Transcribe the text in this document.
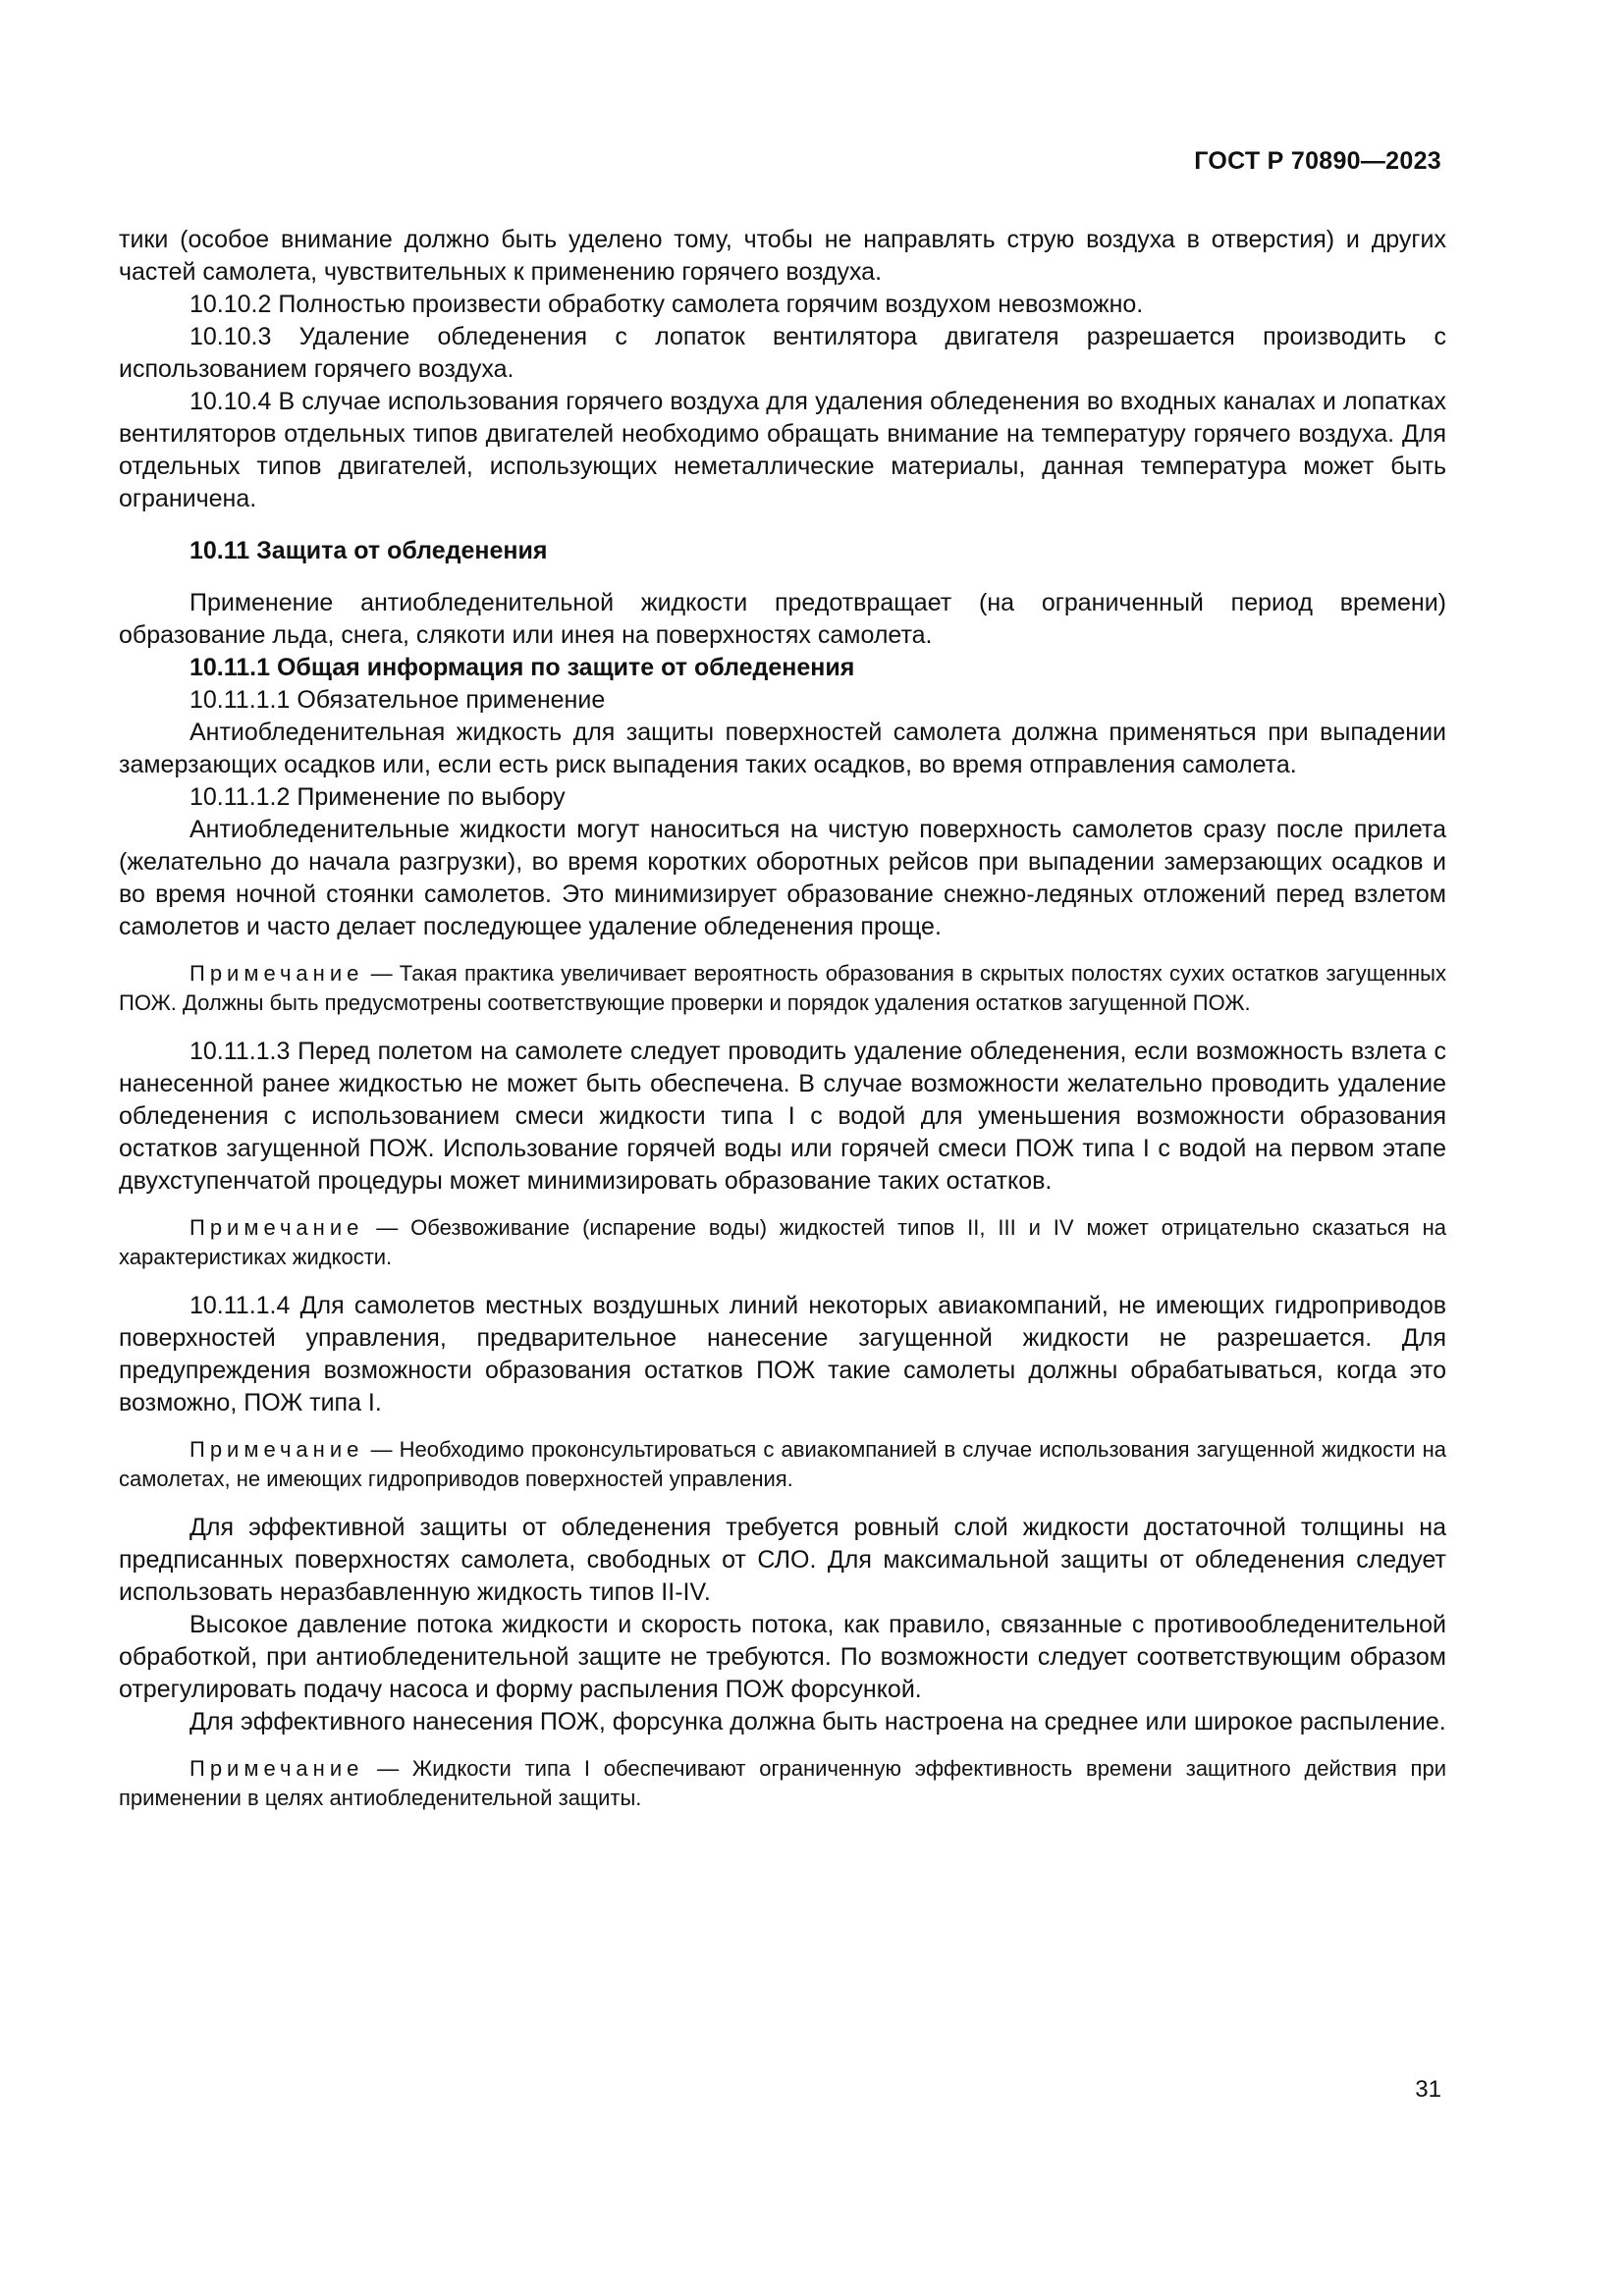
ГОСТ Р 70890—2023

тики (особое внимание должно быть уделено тому, чтобы не направлять струю воздуха в отверстия) и других частей самолета, чувствительных к применению горячего воздуха.

10.10.2 Полностью произвести обработку самолета горячим воздухом невозможно.

10.10.3 Удаление обледенения с лопаток вентилятора двигателя разрешается производить с использованием горячего воздуха.

10.10.4 В случае использования горячего воздуха для удаления обледенения во входных каналах и лопатках вентиляторов отдельных типов двигателей необходимо обращать внимание на температуру горячего воздуха. Для отдельных типов двигателей, использующих неметаллические материалы, данная температура может быть ограничена.

10.11 Защита от обледенения

Применение антиобледенительной жидкости предотвращает (на ограниченный период времени) образование льда, снега, слякоти или инея на поверхностях самолета.

10.11.1 Общая информация по защите от обледенения

10.11.1.1 Обязательное применение

Антиобледенительная жидкость для защиты поверхностей самолета должна применяться при выпадении замерзающих осадков или, если есть риск выпадения таких осадков, во время отправления самолета.

10.11.1.2 Применение по выбору

Антиобледенительные жидкости могут наноситься на чистую поверхность самолетов сразу после прилета (желательно до начала разгрузки), во время коротких оборотных рейсов при выпадении замерзающих осадков и во время ночной стоянки самолетов. Это минимизирует образование снежно-ледяных отложений перед взлетом самолетов и часто делает последующее удаление обледенения проще.

Примечание — Такая практика увеличивает вероятность образования в скрытых полостях сухих остатков загущенных ПОЖ. Должны быть предусмотрены соответствующие проверки и порядок удаления остатков загущенной ПОЖ.

10.11.1.3 Перед полетом на самолете следует проводить удаление обледенения, если возможность взлета с нанесенной ранее жидкостью не может быть обеспечена. В случае возможности желательно проводить удаление обледенения с использованием смеси жидкости типа I с водой для уменьшения возможности образования остатков загущенной ПОЖ. Использование горячей воды или горячей смеси ПОЖ типа I с водой на первом этапе двухступенчатой процедуры может минимизировать образование таких остатков.

Примечание — Обезвоживание (испарение воды) жидкостей типов II, III и IV может отрицательно сказаться на характеристиках жидкости.

10.11.1.4 Для самолетов местных воздушных линий некоторых авиакомпаний, не имеющих гидроприводов поверхностей управления, предварительное нанесение загущенной жидкости не разрешается. Для предупреждения возможности образования остатков ПОЖ такие самолеты должны обрабатываться, когда это возможно, ПОЖ типа I.

Примечание — Необходимо проконсультироваться с авиакомпанией в случае использования загущенной жидкости на самолетах, не имеющих гидроприводов поверхностей управления.

Для эффективной защиты от обледенения требуется ровный слой жидкости достаточной толщины на предписанных поверхностях самолета, свободных от СЛО. Для максимальной защиты от обледенения следует использовать неразбавленную жидкость типов II-IV.

Высокое давление потока жидкости и скорость потока, как правило, связанные с противообледенительной обработкой, при антиобледенительной защите не требуются. По возможности следует соответствующим образом отрегулировать подачу насоса и форму распыления ПОЖ форсункой.

Для эффективного нанесения ПОЖ, форсунка должна быть настроена на среднее или широкое распыление.

Примечание — Жидкости типа I обеспечивают ограниченную эффективность времени защитного действия при применении в целях антиобледенительной защиты.

31
